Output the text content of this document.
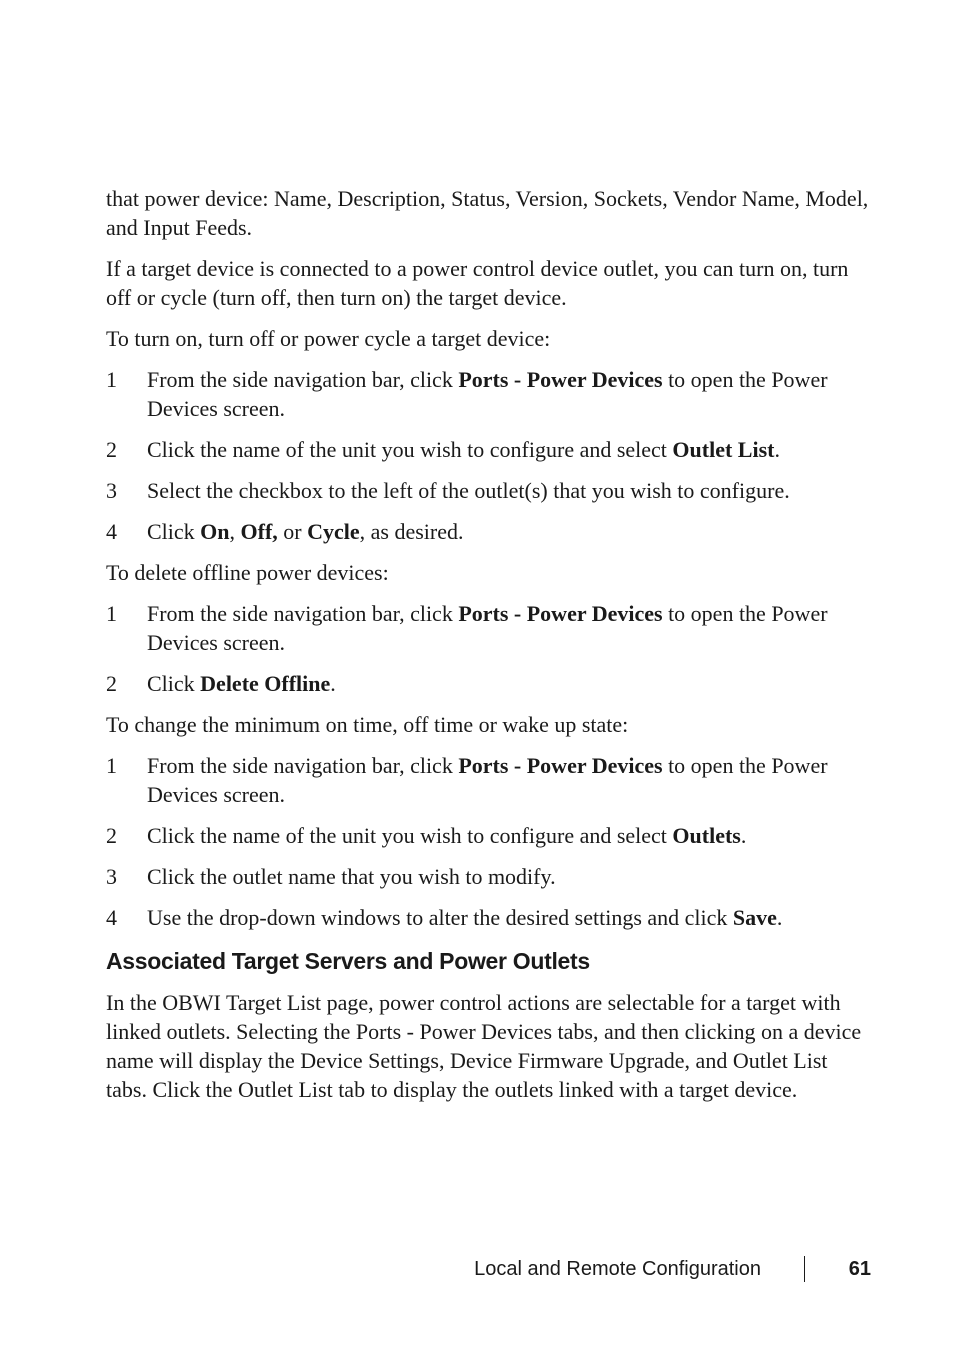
that power device: Name, Description, Status, Version, Sockets, Vendor Name, Model, and Input Feeds.

If a target device is connected to a power control device outlet, you can turn on, turn off or cycle (turn off, then turn on) the target device.

To turn on, turn off or power cycle a target device:

1 From the side navigation bar, click Ports - Power Devices to open the Power Devices screen.
2 Click the name of the unit you wish to configure and select Outlet List.
3 Select the checkbox to the left of the outlet(s) that you wish to configure.
4 Click On, Off, or Cycle, as desired.

To delete offline power devices:

1 From the side navigation bar, click Ports - Power Devices to open the Power Devices screen.
2 Click Delete Offline.

To change the minimum on time, off time or wake up state:

1 From the side navigation bar, click Ports - Power Devices to open the Power Devices screen.
2 Click the name of the unit you wish to configure and select Outlets.
3 Click the outlet name that you wish to modify.
4 Use the drop-down windows to alter the desired settings and click Save.
Associated Target Servers and Power Outlets

In the OBWI Target List page, power control actions are selectable for a target with linked outlets. Selecting the Ports - Power Devices tabs, and then clicking on a device name will display the Device Settings, Device Firmware Upgrade, and Outlet List tabs. Click the Outlet List tab to display the outlets linked with a target device.

Local and Remote Configuration	61
